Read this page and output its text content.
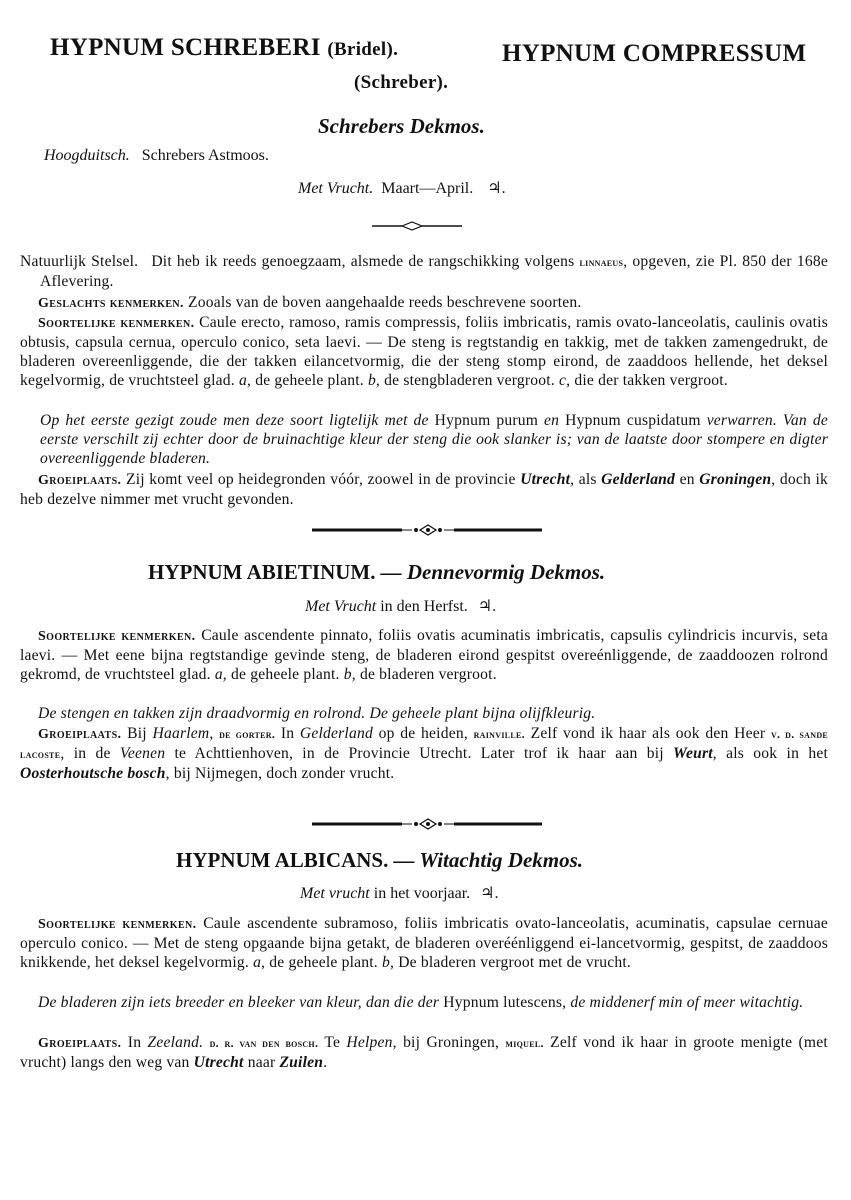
HYPNUM SCHREBERI (Bridel).	HYPNUM COMPRESSUM
(Schreber).
Schrebers Dekmos.
Hoogduitsch. Schrebers Astmoos.
Met Vrucht. Maart—April. ♃.
Natuurlijk Stelsel. Dit heb ik reeds genoegzaam, alsmede de rangschikking volgens linnaeus, opgeven, zie Pl. 850 der 168e Aflevering.
Geslachts kenmerken. Zooals van de boven aangehaalde reeds beschrevene soorten.
Soortelijke kenmerken. Caule erecto, ramoso, ramis compressis, foliis imbricatis, ramis ovato-lanceolatis, caulinis ovatis obtusis, capsula cernua, operculo conico, seta laevi. — De steng is regtstandig en takkig, met de takken zamengedrukt, de bladeren overeenliggende, die der takken eilancetvormig, die der steng stomp eirond, de zaaddoos hellende, het deksel kegelvormig, de vruchtsteel glad. a, de geheele plant. b, de stengbladeren vergroot. c, die der takken vergroot.
Op het eerste gezigt zoude men deze soort ligtelijk met de Hypnum purum en Hypnum cuspidatum verwarren. Van de eerste verschilt zij echter door de bruinachtige kleur der steng die ook slanker is; van de laatste door stompere en digter overeenliggende bladeren.
Groeiplaats. Zij komt veel op heidegronden vóór, zoowel in de provincie Utrecht, als Gelderland en Groningen, doch ik heb dezelve nimmer met vrucht gevonden.
HYPNUM ABIETINUM. — Dennevormig Dekmos.
Met Vrucht in den Herfst. ♃.
Soortelijke kenmerken. Caule ascendente pinnato, foliis ovatis acuminatis imbricatis, capsulis cylindricis incurvis, seta laevi. — Met eene bijna regtstandige gevinde steng, de bladeren eirond gespitst overeénliggende, de zaaddoozen rolrond gekromd, de vruchtsteel glad. a, de geheele plant. b, de bladeren vergroot.
De stengen en takken zijn draadvormig en rolrond. De geheele plant bijna olijfkleurig.
Groeiplaats. Bij Haarlem, de gorter. In Gelderland op de heiden, rainville. Zelf vond ik haar als ook den Heer v. d. sande lacoste, in de Veenen te Achttienhoven, in de Provincie Utrecht. Later trof ik haar aan bij Weurt, als ook in het Oosterhoutsche bosch, bij Nijmegen, doch zonder vrucht.
HYPNUM ALBICANS. — Witachtig Dekmos.
Met vrucht in het voorjaar. ♃.
Soortelijke kenmerken. Caule ascendente subramoso, foliis imbricatis ovato-lanceolatis, acuminatis, capsulae cernuae operculo conico. — Met de steng opgaande bijna getakt, de bladeren overéénliggend ei-lancetvormig, gespitst, de zaaddoos knikkende, het deksel kegelvormig. a, de geheele plant. b, De bladeren vergroot met de vrucht.
De bladeren zijn iets breeder en bleeker van kleur, dan die der Hypnum lutescens, de middenerf min of meer witachtig.
Groeiplaats. In Zeeland. d. r. van den bosch. Te Helpen, bij Groningen, miquel. Zelf vond ik haar in groote menigte (met vrucht) langs den weg van Utrecht naar Zuilen.
